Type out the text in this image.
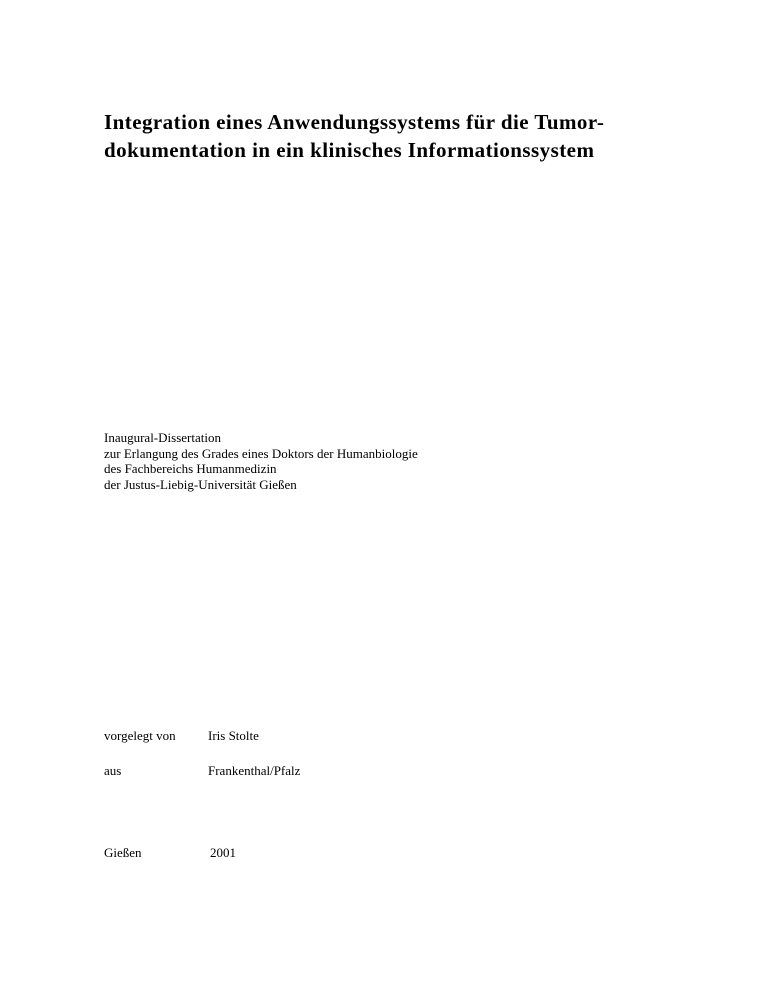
Integration eines Anwendungssystems für die Tumor-
dokumentation in ein klinisches Informationssystem
Inaugural-Dissertation
zur Erlangung des Grades eines Doktors der Humanbiologie
des Fachbereichs Humanmedizin
der Justus-Liebig-Universität Gießen
vorgelegt von Iris Stolte
aus	Frankenthal/Pfalz
Gießen	2001
